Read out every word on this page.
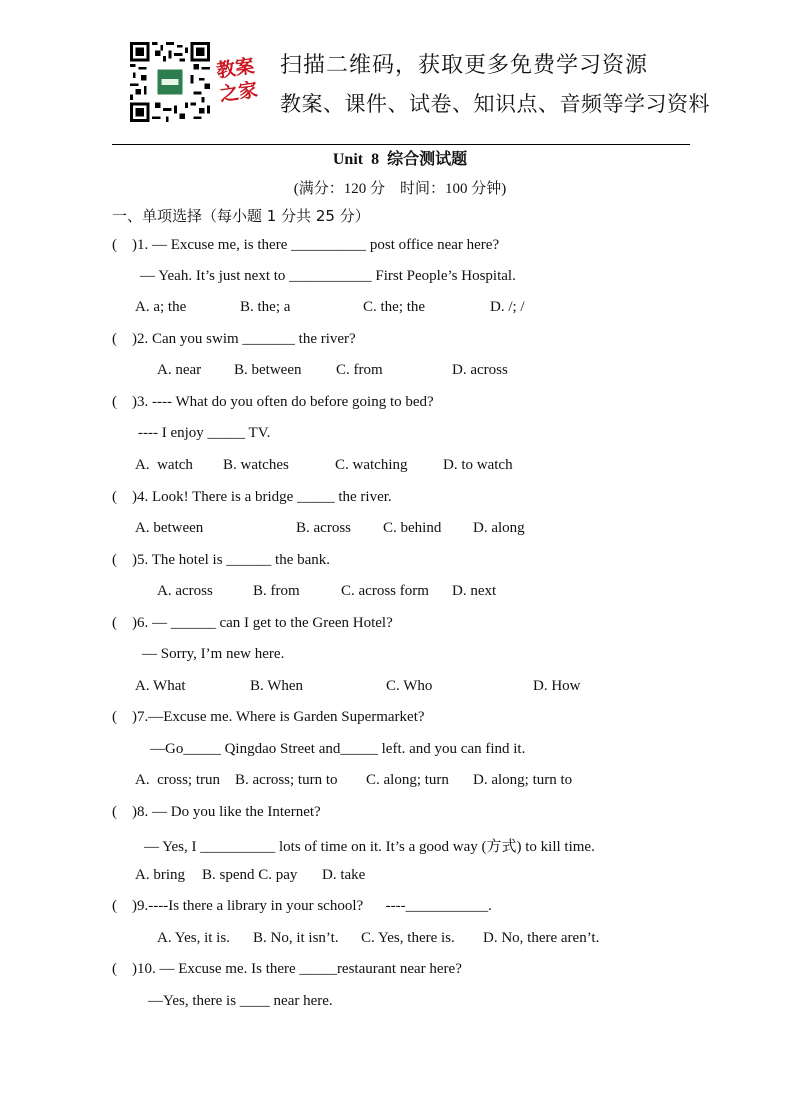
教案之家
扫描二维码，获取更多免费学习资源
教案、课件、试卷、知识点、音频等学习资料
Unit  8  综合测试题
(满分：120 分    时间：100 分钟)
一、单项选择（每小题 1 分共 25 分）
(    )1. — Excuse me, is there __________ post office near here?
— Yeah. It’s just next to ___________ First People’s Hospital.
A. a; the	B. the; a	C. the; the	D. /; /
(    )2. Can you swim _______ the river?
A. near B. between C. from	D. across
(    )3. ---- What do you often do before going to bed?
---- I enjoy _____ TV.
A.  watch B. watches	C. watching D. to watch
(    )4. Look! There is a bridge _____ the river.
A. between	B. across C. behind D. along
(    )5. The hotel is ______ the bank.
A. across	B. from	C. across form D. next
(    )6. — ______ can I get to the Green Hotel?
— Sorry, I’m new here.
A. What	B. When	C. Who	D. How
(    )7.—Excuse me. Where is Garden Supermarket?
—Go_____ Qingdao Street and_____ left. and you can find it.
A.  cross; trun B. across; turn to C. along; turn D. along; turn to
(    )8. — Do you like the Internet?
— Yes, I __________ lots of time on it. It’s a good way (方式) to kill time.
A. bring B. spend C. pay D. take
(    )9.----Is there a library in your school?      ----___________.
A. Yes, it is. B. No, it isn’t. C. Yes, there is. D. No, there aren’t.
(    )10. — Excuse me. Is there _____restaurant near here?
—Yes, there is ____ near here.
